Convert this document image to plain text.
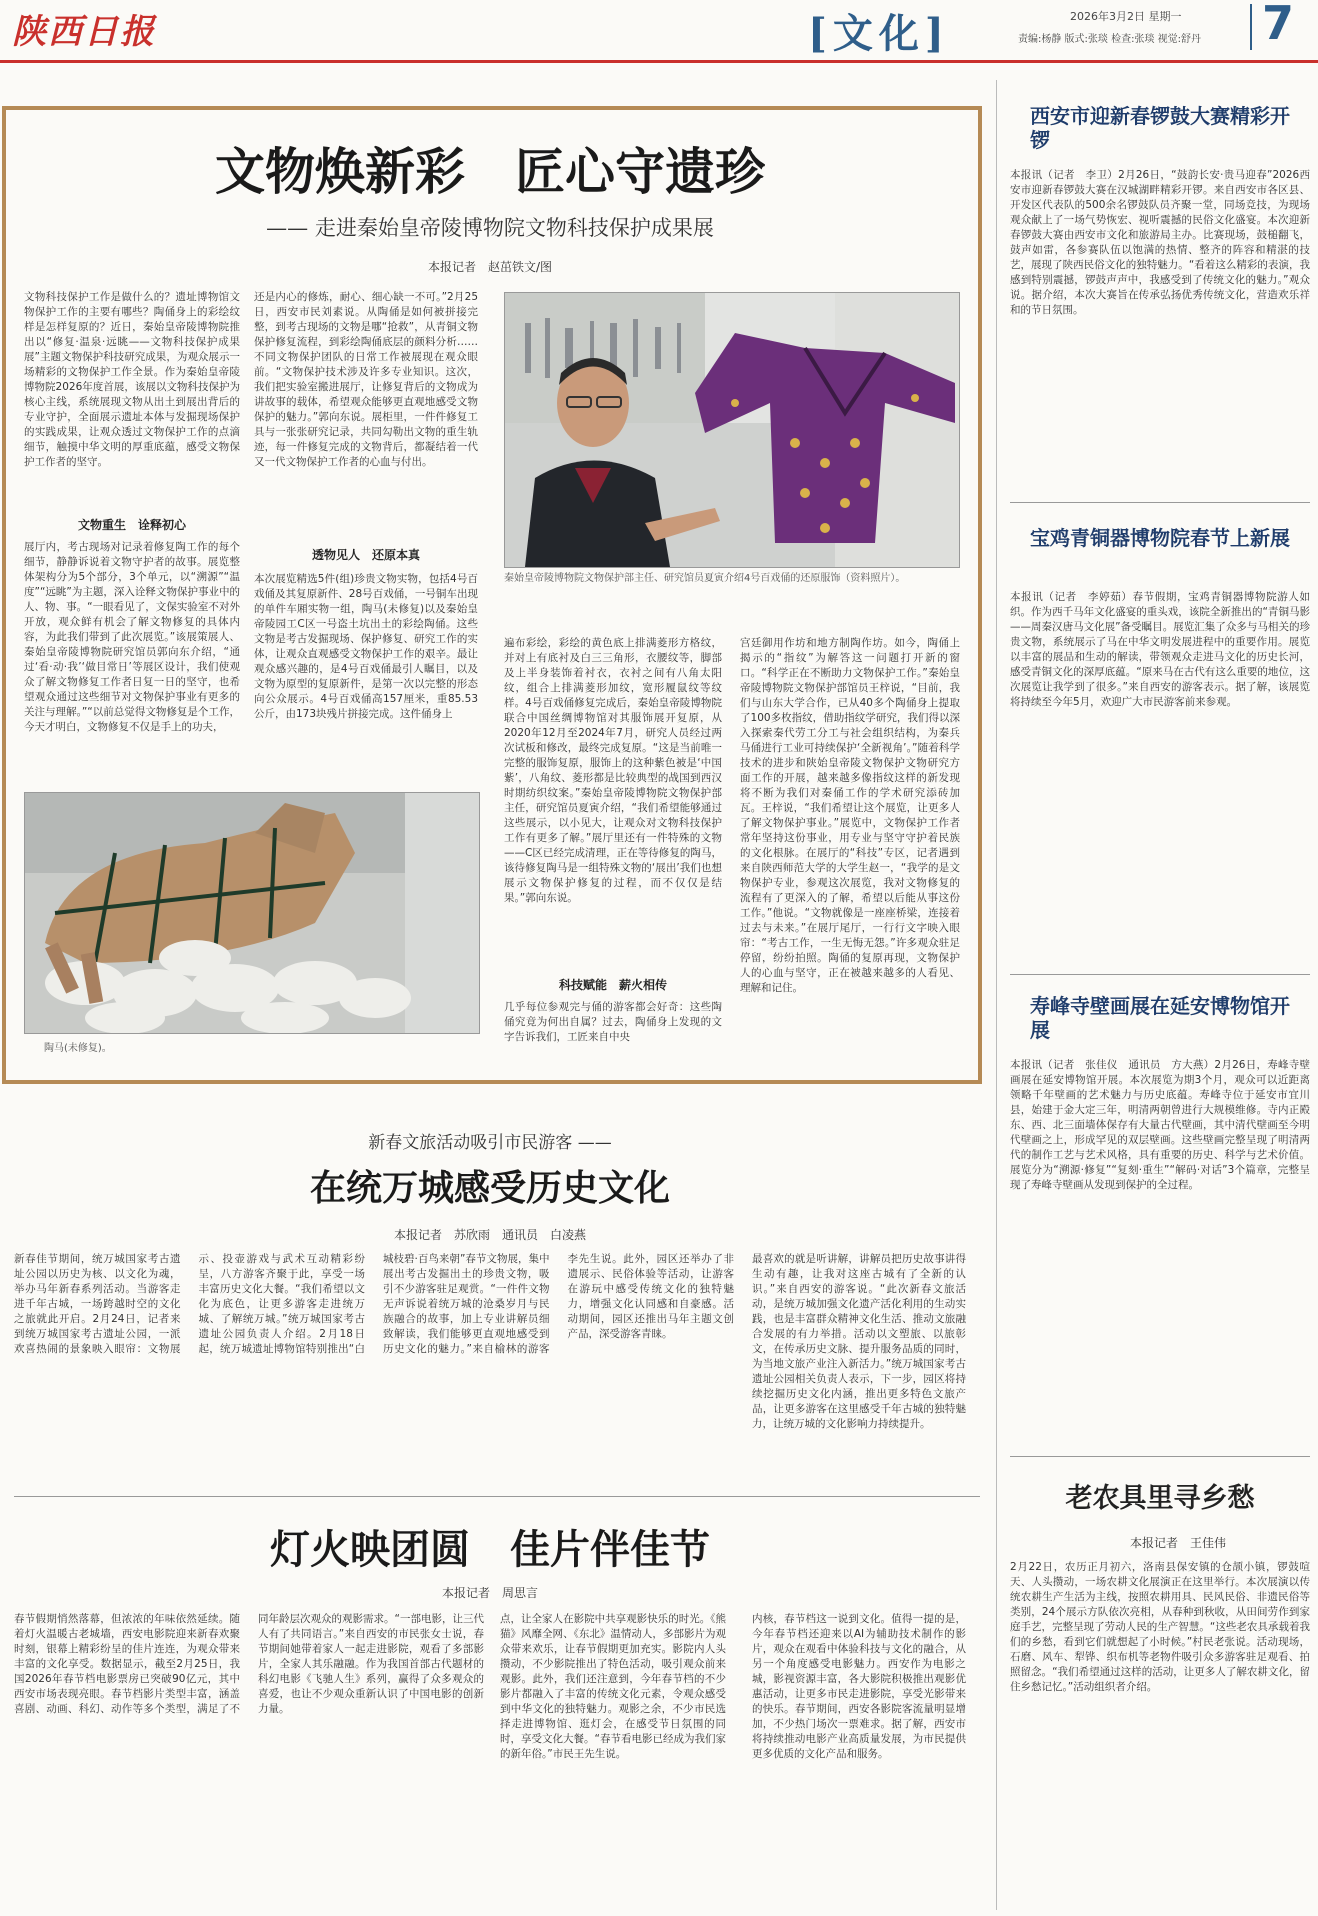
陕西日报	[文化]	2026年3月2日 星期一
责编:杨静 版式:张琰 检查:张琰 视觉:舒丹 7
文物焕新彩　匠心守遗珍
—— 走进秦始皇帝陵博物院文物科技保护成果展
本报记者　赵茁铁文/图
文物科技保护工作是做什么的？遗址博物馆文物保护工作的主要有哪些？陶俑身上的彩绘纹样是怎样复原的？近日，秦始皇帝陵博物院推出以“修复·温泉·远眺——文物科技保护成果展”主题文物保护科技研究成果，为观众展示一场精彩的文物保护工作全景。作为秦始皇帝陵博物院2026年度首展，该展以文物科技保护为核心主线，系统展现文物从出土到展出背后的专业守护，全面展示遗址本体与发掘现场保护的实践成果，让观众透过文物保护工作的点滴细节，触摸中华文明的厚重底蕴，感受文物保护工作者的坚守。
文物重生　诠释初心
展厅内，考古现场对记录着修复陶工作的每个细节，静静诉说着文物守护者的故事。展览整体架构分为5个部分，3个单元，以“溯源”“温度”“远眺”为主题，深入诠释文物保护事业中的人、物、事。“一眼看见了，文保实验室不对外开放，观众鲜有机会了解文物修复的具体内容，为此我们带到了此次展览。”该展策展人、秦始皇帝陵博物院研究馆员郭向东介绍，“通过‘看·动·我’‘做目常日’等展区设计，我们使观众了解文物修复工作者日复一日的坚守，也希望观众通过这些细节对文物保护事业有更多的关注与理解。”“以前总觉得文物修复是个工作，今天才明白，文物修复不仅是手上的功夫，
还是内心的修炼，耐心、细心缺一不可。”2月25日，西安市民刘素说。从陶俑是如何被拼接完整，到考古现场的文物是哪“抢救”，从青铜文物保护修复流程，到彩绘陶俑底层的颜料分析……不同文物保护团队的日常工作被展现在观众眼前。“文物保护技术涉及许多专业知识。这次，我们把实验室搬进展厅，让修复背后的文物成为讲故事的载体，希望观众能够更直观地感受文物保护的魅力。”郭向东说。展柜里，一件件修复工具与一张张研究记录，共同勾勒出文物的重生轨迹，每一件修复完成的文物背后，都凝结着一代又一代文物保护工作者的心血与付出。
透物见人　还原本真
本次展览精选5件(组)珍贵文物实物，包括4号百戏俑及其复原新件、28号百戏俑，一号铜车出现的单件车厢实物一组，陶马(未修复)以及秦始皇帝陵园工C区一号盗土坑出土的彩绘陶俑。这些文物是考古发掘现场、保护修复、研究工作的实体，让观众直观感受文物保护工作的艰辛。最让观众感兴趣的，是4号百戏俑最引人瞩目，以及文物为原型的复原新件，是第一次以完整的形态向公众展示。4号百戏俑高157厘米，重85.53公斤，由173块残片拼接完成。这件俑身上
秦始皇帝陵博物院文物保护部主任、研究馆员夏寅介绍4号百戏俑的还原服饰（资料照片）。
陶马(未修复)。
遍布彩绘，彩绘的黄色底上排满菱形方格纹，并对上有底衬及白三三角形，衣腰纹等，脚部及上半身装饰着衬衣，衣衬之间有八角太阳纹，组合上排满菱形加纹，宽形履鼠纹等纹样。4号百戏俑修复完成后，秦始皇帝陵博物院联合中国丝绸博物馆对其服饰展开复原，从2020年12月至2024年7月，研究人员经过两次试板和修改，最终完成复原。“这是当前唯一完整的服饰复原，服饰上的这种紫色被是‘中国紫’，八角纹、菱形都是比较典型的战国到西汉时期纺织纹案。”秦始皇帝陵博物院文物保护部主任，研究馆员夏寅介绍，“我们希望能够通过这些展示，以小见大，让观众对文物科技保护工作有更多了解。”展厅里还有一件特殊的文物——C区已经完成清理，正在等待修复的陶马，该待修复陶马是一组特殊文物的‘展出’我们也想展示文物保护修复的过程，而不仅仅是结果。”郭向东说。
科技赋能　薪火相传
几乎每位参观完与俑的游客都会好奇：这些陶俑究竟为何出自属？过去，陶俑身上发现的文字告诉我们，工匠来自中央
宫廷御用作坊和地方制陶作坊。如今，陶俑上揭示的“指纹”为解答这一问题打开新的窗口。“科学正在不断助力文物保护工作。”秦始皇帝陵博物院文物保护部馆员王梓说，“目前，我们与山东大学合作，已从40多个陶俑身上提取了100多枚指纹，借助指纹学研究，我们得以深入探索秦代劳工分工与社会组织结构，为秦兵马俑进行工业可持续保护‘全新视角’。”随着科学技术的进步和陕始皇帝陵文物保护文物研究方面工作的开展，越来越多像指纹这样的新发现将不断为我们对秦俑工作的学术研究添砖加瓦。王梓说，“我们希望让这个展览，让更多人了解文物保护事业。”展览中，文物保护工作者常年坚持这份事业，用专业与坚守守护着民族的文化根脉。在展厅的“科技”专区，记者遇到来自陕西师范大学的大学生赵一，“我学的是文物保护专业，参观这次展览，我对文物修复的流程有了更深入的了解，希望以后能从事这份工作。”他说。“文物就像是一座座桥梁，连接着过去与未来。”在展厅尾厅，一行行文字映入眼帘：“考古工作，一生无悔无怨。”许多观众驻足停留，纷纷拍照。陶俑的复原再现，文物保护人的心血与坚守，正在被越来越多的人看见、理解和记住。
新春文旅活动吸引市民游客 ——
在统万城感受历史文化
本报记者　苏欣雨　通讯员　白凌燕
新春佳节期间，统万城国家考古遗址公园以历史为核、以文化为魂，举办马年新春系列活动。当游客走进千年古城，一场跨越时空的文化之旅就此开启。2月24日，记者来到统万城国家考古遗址公园，一派欢喜热闹的景象映入眼帘：文物展示、投壶游戏与武术互动精彩纷呈，八方游客齐聚于此，享受一场丰富历史文化大餐。“我们希望以文化为底色，让更多游客走进统万城、了解统万城。”统万城国家考古遗址公园负责人介绍。2月18日起，统万城遗址博物馆特别推出“白城枝碧·百鸟来朝”春节文物展，集中展出考古发掘出土的珍贵文物，吸引不少游客驻足观赏。“一件件文物无声诉说着统万城的沧桑岁月与民族融合的故事，加上专业讲解员细致解读，我们能够更直观地感受到历史文化的魅力。”来自榆林的游客李先生说。此外，园区还举办了非遗展示、民俗体验等活动，让游客在游玩中感受传统文化的独特魅力，增强文化认同感和自豪感。活动期间，园区还推出马年主题文创产品，深受游客青睐。
最喜欢的就是听讲解，讲解员把历史故事讲得生动有趣，让我对这座古城有了全新的认识。”来自西安的游客说。“此次新春文旅活动，是统万城加强文化遗产活化利用的生动实践，也是丰富群众精神文化生活、推动文旅融合发展的有力举措。活动以文塑旅、以旅彰文，在传承历史文脉、提升服务品质的同时，为当地文旅产业注入新活力。”统万城国家考古遗址公园相关负责人表示，下一步，园区将持续挖掘历史文化内涵，推出更多特色文旅产品，让更多游客在这里感受千年古城的独特魅力，让统万城的文化影响力持续提升。
灯火映团圆　佳片伴佳节
本报记者　周思言
春节假期悄然落幕，但浓浓的年味依然延续。随着灯火温暖古老城墙，西安电影院迎来新春欢聚时刻，银幕上精彩纷呈的佳片连连，为观众带来丰富的文化享受。数据显示，截至2月25日，我国2026年春节档电影票房已突破90亿元，其中西安市场表现亮眼。春节档影片类型丰富，涵盖喜剧、动画、科幻、动作等多个类型，满足了不同年龄层次观众的观影需求。“一部电影，让三代人有了共同语言。”来自西安的市民张女士说，春节期间她带着家人一起走进影院，观看了多部影片，全家人其乐融融。作为我国首部古代题材的科幻电影《飞驰人生》系列，赢得了众多观众的喜爱，也让不少观众重新认识了中国电影的创新力量。
点，让全家人在影院中共享观影快乐的时光。《熊猫》风靡全网、《东北》温情动人，多部影片为观众带来欢乐，让春节假期更加充实。影院内人头攒动，不少影院推出了特色活动，吸引观众前来观影。此外，我们还注意到，今年春节档的不少影片都融入了丰富的传统文化元素，令观众感受到中华文化的独特魅力。观影之余，不少市民选择走进博物馆、逛灯会，在感受节日氛围的同时，享受文化大餐。“春节看电影已经成为我们家的新年俗。”市民王先生说。
内核，春节档这一说到文化。值得一提的是，今年春节档还迎来以AI为辅助技术制作的影片，观众在观看中体验科技与文化的融合，从另一个角度感受电影魅力。西安作为电影之城，影视资源丰富，各大影院积极推出观影优惠活动，让更多市民走进影院，享受光影带来的快乐。春节期间，西安各影院客流量明显增加，不少热门场次一票难求。据了解，西安市将持续推动电影产业高质量发展，为市民提供更多优质的文化产品和服务。
西安市迎新春锣鼓大赛精彩开锣
本报讯（记者　李卫）2月26日，“鼓韵长安·贵马迎春”2026西安市迎新春锣鼓大赛在汉城湖畔精彩开锣。来自西安市各区县、开发区代表队的500余名锣鼓队员齐聚一堂，同场竞技，为现场观众献上了一场气势恢宏、视听震撼的民俗文化盛宴。本次迎新春锣鼓大赛由西安市文化和旅游局主办。比赛现场，鼓槌翻飞，鼓声如雷，各参赛队伍以饱满的热情、整齐的阵容和精湛的技艺，展现了陕西民俗文化的独特魅力。“看着这么精彩的表演，我感到特别震撼，锣鼓声声中，我感受到了传统文化的魅力。”观众说。据介绍，本次大赛旨在传承弘扬优秀传统文化，营造欢乐祥和的节日氛围。
宝鸡青铜器博物院春节上新展
本报讯（记者　李婷茹）春节假期，宝鸡青铜器博物院游人如织。作为西千马年文化盛宴的重头戏，该院全新推出的“青铜马影——周秦汉唐马文化展”备受瞩目。展览汇集了众多与马相关的珍贵文物，系统展示了马在中华文明发展进程中的重要作用。展览以丰富的展品和生动的解读，带领观众走进马文化的历史长河，感受青铜文化的深厚底蕴。“原来马在古代有这么重要的地位，这次展览让我学到了很多。”来自西安的游客表示。据了解，该展览将持续至今年5月，欢迎广大市民游客前来参观。
寿峰寺壁画展在延安博物馆开展
本报讯（记者　张佳仪　通讯员　方大燕）2月26日，寿峰寺壁画展在延安博物馆开展。本次展览为期3个月，观众可以近距离领略千年壁画的艺术魅力与历史底蕴。寿峰寺位于延安市宜川县，始建于金大定三年，明清两朝曾进行大规模维修。寺内正殿东、西、北三面墙体保存有大量古代壁画，其中清代壁画至今明代壁画之上，形成罕见的双层壁画。这些壁画完整呈现了明清两代的制作工艺与艺术风格，具有重要的历史、科学与艺术价值。展览分为“溯源·修复”“复刻·重生”“解码·对话”3个篇章，完整呈现了寿峰寺壁画从发现到保护的全过程。
老农具里寻乡愁
本报记者　王佳伟
2月22日，农历正月初六，洛南县保安镇的仓颉小镇，锣鼓喧天、人头攒动，一场农耕文化展演正在这里举行。本次展演以传统农耕生产生活为主线，按照农耕用具、民风民俗、非遗民俗等类别，24个展示方队依次亮相，从春种到秋收，从田间劳作到家庭手艺，完整呈现了劳动人民的生产智慧。“这些老农具承载着我们的乡愁，看到它们就想起了小时候。”村民老张说。活动现场，石磨、风车、犁铧、织布机等老物件吸引众多游客驻足观看、拍照留念。“我们希望通过这样的活动，让更多人了解农耕文化，留住乡愁记忆。”活动组织者介绍。
